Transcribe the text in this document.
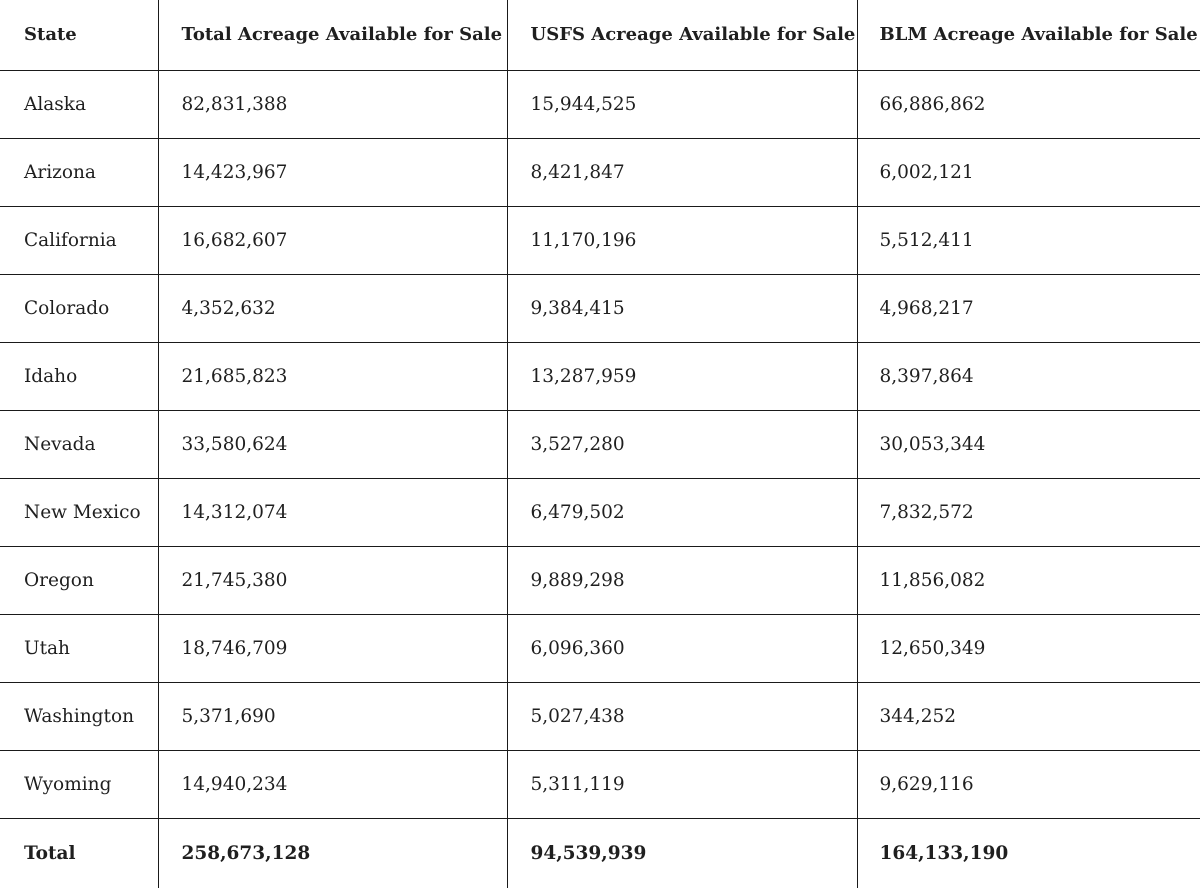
State	Total Acreage Available for Sale	USFS Acreage Available for Sale	BLM Acreage Available for Sale
Alaska	82,831,388	15,944,525	66,886,862
Arizona	14,423,967	8,421,847	6,002,121
California	16,682,607	11,170,196	5,512,411
Colorado	4,352,632	9,384,415	4,968,217
Idaho	21,685,823	13,287,959	8,397,864
Nevada	33,580,624	3,527,280	30,053,344
New Mexico	14,312,074	6,479,502	7,832,572
Oregon	21,745,380	9,889,298	11,856,082
Utah	18,746,709	6,096,360	12,650,349
Washington	5,371,690	5,027,438	344,252
Wyoming	14,940,234	5,311,119	9,629,116
Total	258,673,128	94,539,939	164,133,190
